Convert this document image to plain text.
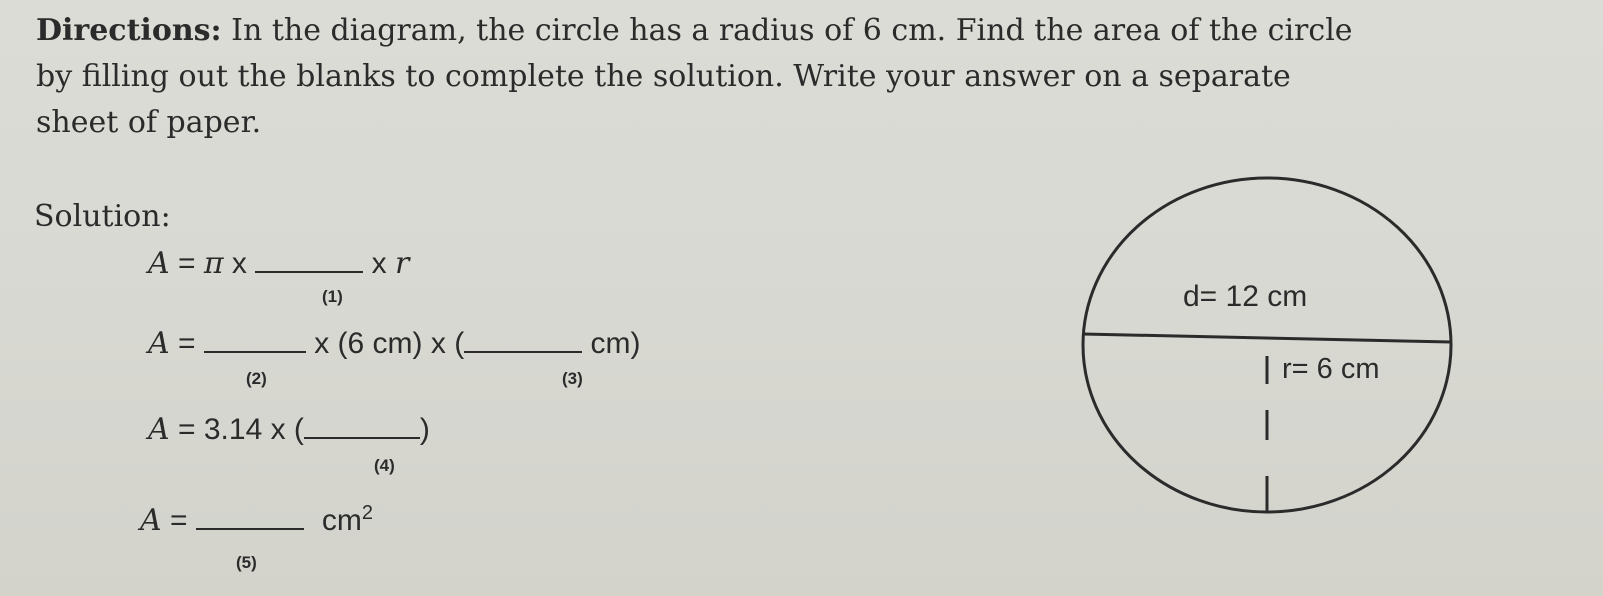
Directions: In the diagram, the circle has a radius of 6 cm. Find the area of the circle
by filling out the blanks to complete the solution. Write your answer on a separate
sheet of paper.
Solution:
A = π x	x r
(1)
A =	x (6 cm) x (	cm)
(2)	(3)
A = 3.14 x (	)
(4)
A =	$cm^2$
(5)
d= 12 cm
r= 6 cm
